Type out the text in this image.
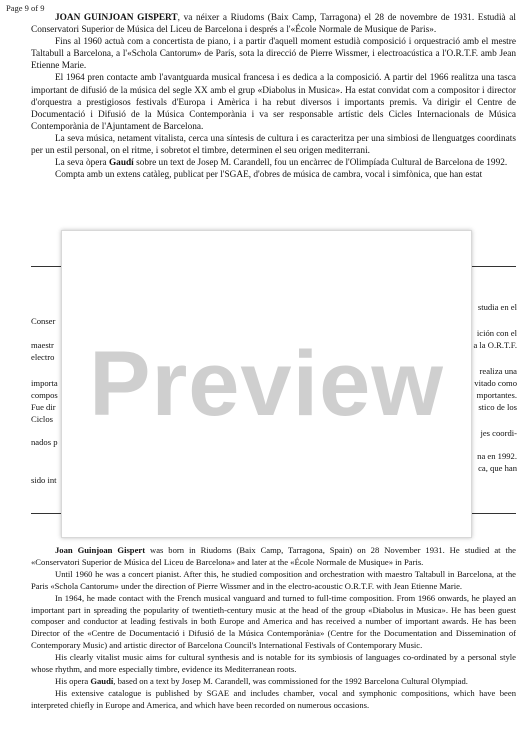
Page 9 of 9

JOAN GUINJOAN GISPERT, va néixer a Riudoms (Baix Camp, Tarragona) el 28 de novembre de 1931. Estudià al Conservatori Superior de Música del Liceu de Barcelona i després a l'«École Normale de Musique de Paris».

Fins al 1960 actuà com a concertista de piano, i a partir d'aquell moment estudià composició i orquestració amb el mestre Taltabull a Barcelona, a l'«Schola Cantorum» de París, sota la direcció de Pierre Wissmer, i electroacústica a l'O.R.T.F. amb Jean Etienne Marie.

El 1964 pren contacte amb l'avantguarda musical francesa i es dedica a la composició. A partir del 1966 realitza una tasca important de difusió de la música del segle XX amb el grup «Diabolus in Musica». Ha estat convidat com a compositor i director d'orquestra a prestigiosos festivals d'Europa i Amèrica i ha rebut diversos i importants premis. Va dirigir el Centre de Documentació i Difusió de la Música Contemporània i va ser responsable artístic dels Cicles Internacionals de Música Contemporània de l'Ajuntament de Barcelona.

La seva música, netament vitalista, cerca una síntesis de cultura i es caracteritza per una simbiosi de llenguatges coordinats per un estil personal, on el ritme, i sobretot el timbre, determinen el seu origen mediterrani.

La seva òpera Gaudí sobre un text de Josep M. Carandell, fou un encàrrec de l'Olimpíada Cultural de Barcelona de 1992.

Compta amb un extens catàleg, publicat per l'SGAE, d'obres de música de cambra, vocal i simfònica, que han estat

studia en el
Conser
ición con el
maestr	a la O.R.T.F.
electro
realiza una
importa	vitado como
compos	mportantes.
Fue dir	stico de los
Ciclos
jes coordi-
nados p
na en 1992.
ca, que han
sido int
Preview

Joan Guinjoan Gispert was born in Riudoms (Baix Camp, Tarragona, Spain) on 28 November 1931. He studied at the «Conservatori Superior de Música del Liceu de Barcelona» and later at the «École Normale de Musique» in Paris.

Until 1960 he was a concert pianist. After this, he studied composition and orchestration with maestro Taltabull in Barcelona, at the Paris «Schola Cantorum» under the direction of Pierre Wissmer and in the electro-acoustic O.R.T.F. with Jean Etienne Marie.

In 1964, he made contact with the French musical vanguard and turned to full-time composition. From 1966 onwards, he played an important part in spreading the popularity of twentieth-century music at the head of the group «Diabolus in Musica». He has been guest composer and conductor at leading festivals in both Europe and America and has received a number of important awards. He has been Director of the «Centre de Documentació i Difusió de la Música Contemporània» (Centre for the Documentation and Dissemination of Contemporary Music) and artistic director of Barcelona Council's International Festivals of Contemporary Music.

His clearly vitalist music aims for cultural synthesis and is notable for its symbiosis of languages co-ordinated by a personal style whose rhythm, and more especially timbre, evidence its Mediterranean roots.

His opera Gaudí, based on a text by Josep M. Carandell, was commissioned for the 1992 Barcelona Cultural Olympiad.

His extensive catalogue is published by SGAE and includes chamber, vocal and symphonic compositions, which have been interpreted chiefly in Europe and America, and which have been recorded on numerous occasions.
